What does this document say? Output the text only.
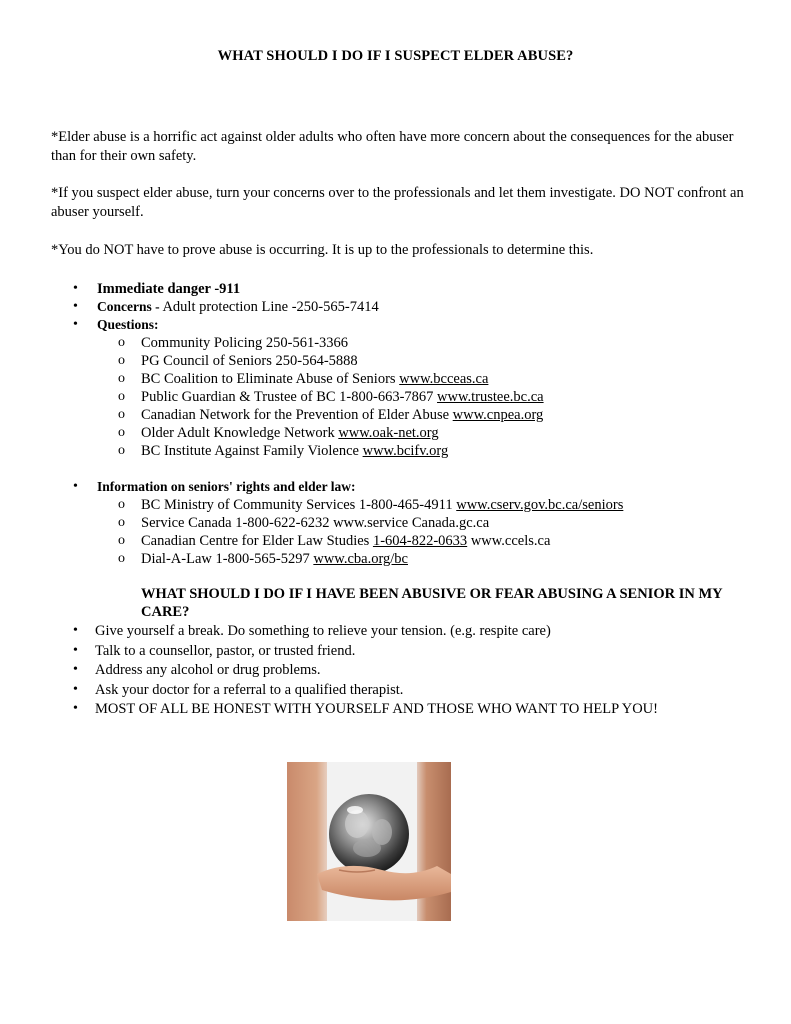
WHAT SHOULD I DO IF I SUSPECT ELDER ABUSE?

*Elder abuse is a horrific act against older adults who often have more concern about the consequences for the abuser than for their own safety.

*If you suspect elder abuse, turn your concerns over to the professionals and let them investigate. DO NOT confront an abuser yourself.

*You do NOT have to prove abuse is occurring. It is up to the professionals to determine this.

• Immediate danger -911
• Concerns - Adult protection Line -250-565-7414
• Questions:
o Community Policing 250-561-3366
o PG Council of Seniors 250-564-5888
o BC Coalition to Eliminate Abuse of Seniors www.bcceas.ca
o Public Guardian & Trustee of BC 1-800-663-7867 www.trustee.bc.ca
o Canadian Network for the Prevention of Elder Abuse www.cnpea.org
o Older Adult Knowledge Network www.oak-net.org
o BC Institute Against Family Violence www.bcifv.org
• Information on seniors' rights and elder law:
o BC Ministry of Community Services 1-800-465-4911 www.cserv.gov.bc.ca/seniors
o Service Canada 1-800-622-6232 www.service Canada.gc.ca
o Canadian Centre for Elder Law Studies 1-604-822-0633 www.ccels.ca
o Dial-A-Law 1-800-565-5297 www.cba.org/bc
WHAT SHOULD I DO IF I HAVE BEEN ABUSIVE OR FEAR ABUSING A SENIOR IN MY CARE?
• Give yourself a break. Do something to relieve your tension. (e.g. respite care)
• Talk to a counsellor, pastor, or trusted friend.
• Address any alcohol or drug problems.
• Ask your doctor for a referral to a qualified therapist.
• MOST OF ALL BE HONEST WITH YOURSELF AND THOSE WHO WANT TO HELP YOU!
